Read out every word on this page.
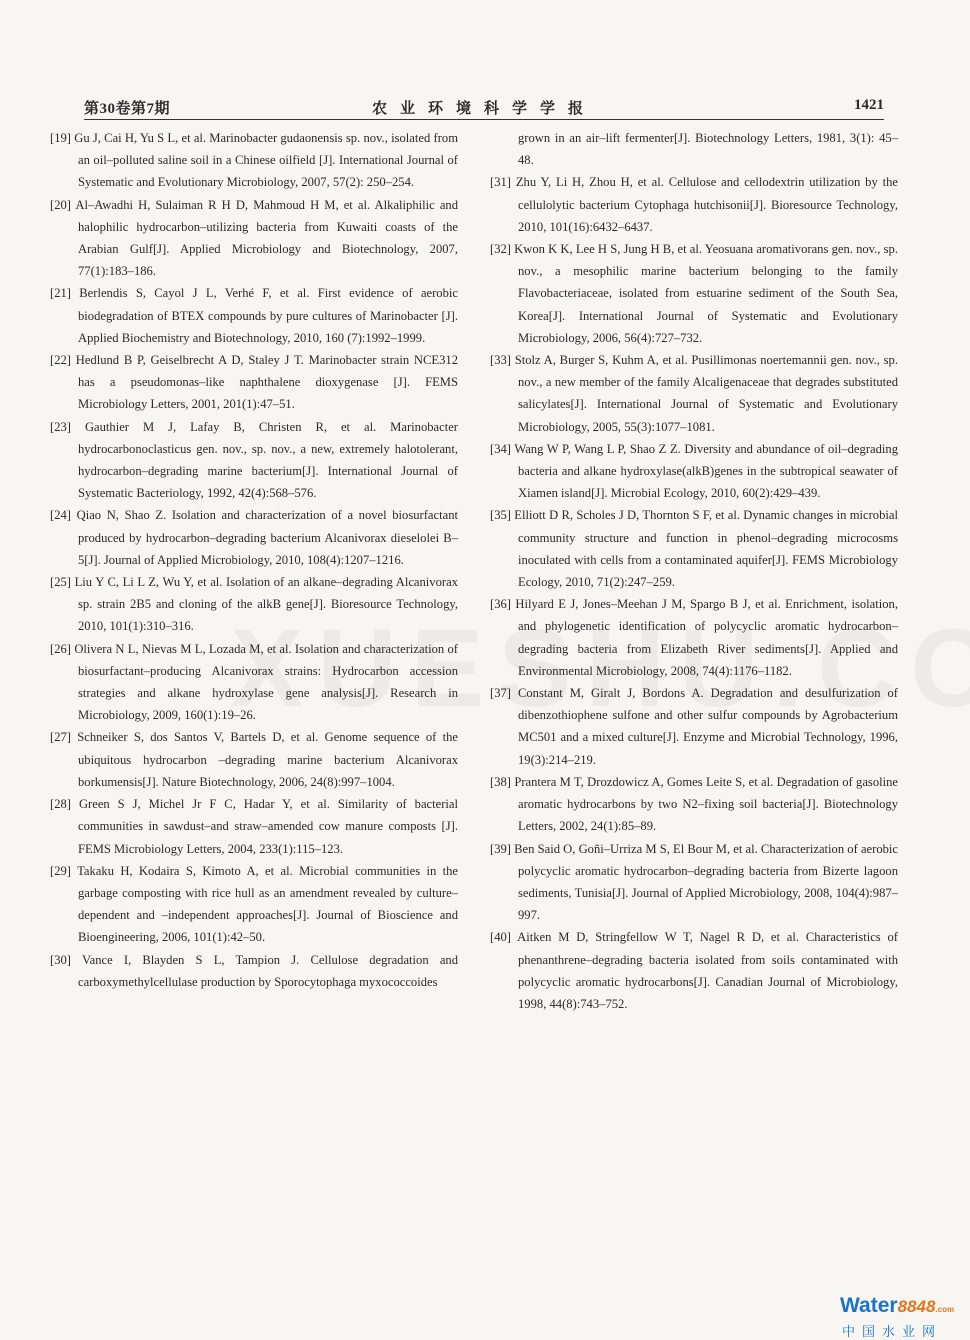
第30卷第7期	农业环境科学学报	1421

[19] Gu J, Cai H, Yu S L, et al. Marinobacter gudaonensis sp. nov., isolated from an oil–polluted saline soil in a Chinese oilfield [J]. International Journal of Systematic and Evolutionary Microbiology, 2007, 57(2): 250–254.

[20] Al–Awadhi H, Sulaiman R H D, Mahmoud H M, et al. Alkaliphilic and halophilic hydrocarbon–utilizing bacteria from Kuwaiti coasts of the Arabian Gulf[J]. Applied Microbiology and Biotechnology, 2007, 77(1):183–186.

[21] Berlendis S, Cayol J L, Verhé F, et al. First evidence of aerobic biodegradation of BTEX compounds by pure cultures of Marinobacter [J]. Applied Biochemistry and Biotechnology, 2010, 160 (7):1992–1999.

[22] Hedlund B P, Geiselbrecht A D, Staley J T. Marinobacter strain NCE312 has a pseudomonas–like naphthalene dioxygenase [J]. FEMS Microbiology Letters, 2001, 201(1):47–51.

[23] Gauthier M J, Lafay B, Christen R, et al. Marinobacter hydrocarbonoclasticus gen. nov., sp. nov., a new, extremely halotolerant, hydrocarbon–degrading marine bacterium[J]. International Journal of Systematic Bacteriology, 1992, 42(4):568–576.

[24] Qiao N, Shao Z. Isolation and characterization of a novel biosurfactant produced by hydrocarbon–degrading bacterium Alcanivorax dieselolei B–5[J]. Journal of Applied Microbiology, 2010, 108(4):1207–1216.

[25] Liu Y C, Li L Z, Wu Y, et al. Isolation of an alkane–degrading Alcanivorax sp. strain 2B5 and cloning of the alkB gene[J]. Bioresource Technology, 2010, 101(1):310–316.

[26] Olivera N L, Nievas M L, Lozada M, et al. Isolation and characterization of biosurfactant–producing Alcanivorax strains: Hydrocarbon accession strategies and alkane hydroxylase gene analysis[J]. Research in Microbiology, 2009, 160(1):19–26.

[27] Schneiker S, dos Santos V, Bartels D, et al. Genome sequence of the ubiquitous hydrocarbon –degrading marine bacterium Alcanivorax borkumensis[J]. Nature Biotechnology, 2006, 24(8):997–1004.

[28] Green S J, Michel Jr F C, Hadar Y, et al. Similarity of bacterial communities in sawdust–and straw–amended cow manure composts [J]. FEMS Microbiology Letters, 2004, 233(1):115–123.

[29] Takaku H, Kodaira S, Kimoto A, et al. Microbial communities in the garbage composting with rice hull as an amendment revealed by culture–dependent and –independent approaches[J]. Journal of Bioscience and Bioengineering, 2006, 101(1):42–50.

[30] Vance I, Blayden S L, Tampion J. Cellulose degradation and carboxymethylcellulase production by Sporocytophaga myxococcoides

grown in an air–lift fermenter[J]. Biotechnology Letters, 1981, 3(1): 45–48.

[31] Zhu Y, Li H, Zhou H, et al. Cellulose and cellodextrin utilization by the cellulolytic bacterium Cytophaga hutchisonii[J]. Bioresource Technology, 2010, 101(16):6432–6437.

[32] Kwon K K, Lee H S, Jung H B, et al. Yeosuana aromativorans gen. nov., sp. nov., a mesophilic marine bacterium belonging to the family Flavobacteriaceae, isolated from estuarine sediment of the South Sea, Korea[J]. International Journal of Systematic and Evolutionary Microbiology, 2006, 56(4):727–732.

[33] Stolz A, Burger S, Kuhm A, et al. Pusillimonas noertemannii gen. nov., sp. nov., a new member of the family Alcaligenaceae that degrades substituted salicylates[J]. International Journal of Systematic and Evolutionary Microbiology, 2005, 55(3):1077–1081.

[34] Wang W P, Wang L P, Shao Z Z. Diversity and abundance of oil–degrading bacteria and alkane hydroxylase(alkB)genes in the subtropical seawater of Xiamen island[J]. Microbial Ecology, 2010, 60(2):429–439.

[35] Elliott D R, Scholes J D, Thornton S F, et al. Dynamic changes in microbial community structure and function in phenol–degrading microcosms inoculated with cells from a contaminated aquifer[J]. FEMS Microbiology Ecology, 2010, 71(2):247–259.

[36] Hilyard E J, Jones–Meehan J M, Spargo B J, et al. Enrichment, isolation, and phylogenetic identification of polycyclic aromatic hydrocarbon–degrading bacteria from Elizabeth River sediments[J]. Applied and Environmental Microbiology, 2008, 74(4):1176–1182.

[37] Constant M, Giralt J, Bordons A. Degradation and desulfurization of dibenzothiophene sulfone and other sulfur compounds by Agrobacterium MC501 and a mixed culture[J]. Enzyme and Microbial Technology, 1996, 19(3):214–219.

[38] Prantera M T, Drozdowicz A, Gomes Leite S, et al. Degradation of gasoline aromatic hydrocarbons by two N2–fixing soil bacteria[J]. Biotechnology Letters, 2002, 24(1):85–89.

[39] Ben Said O, Goñi–Urriza M S, El Bour M, et al. Characterization of aerobic polycyclic aromatic hydrocarbon–degrading bacteria from Bizerte lagoon sediments, Tunisia[J]. Journal of Applied Microbiology, 2008, 104(4):987–997.

[40] Aitken M D, Stringfellow W T, Nagel R D, et al. Characteristics of phenanthrene–degrading bacteria isolated from soils contaminated with polycyclic aromatic hydrocarbons[J]. Canadian Journal of Microbiology, 1998, 44(8):743–752.

Water8848.com
中国水业网
